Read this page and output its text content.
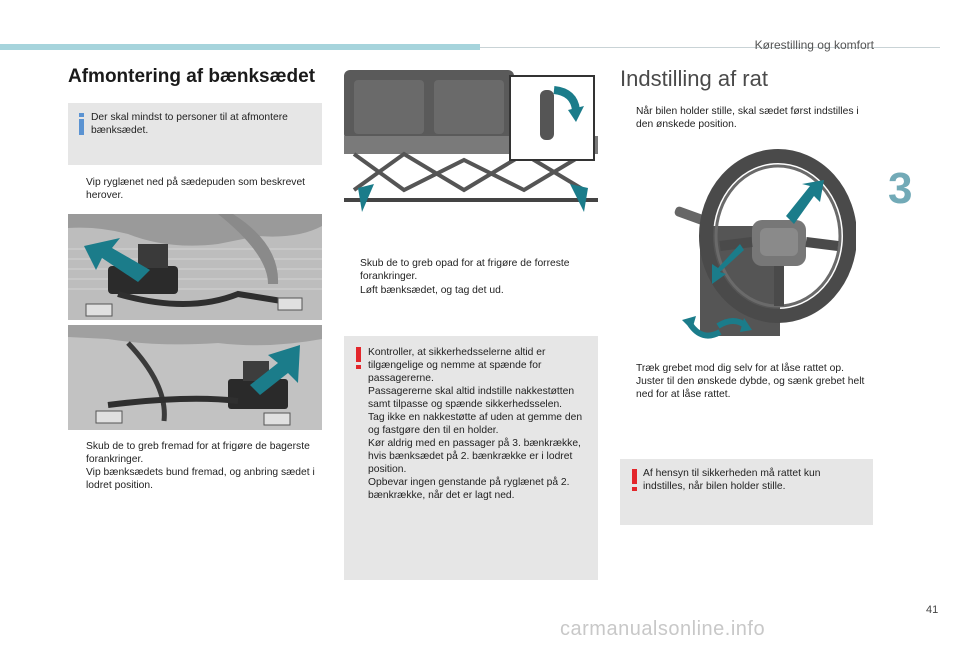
Kørestilling og komfort
3
Afmontering af bænksædet
Der skal mindst to personer til at afmontere bænksædet.
Vip ryglænet ned på sædepuden som beskrevet herover.
Skub de to greb fremad for at frigøre de bagerste forankringer.
Vip bænksædets bund fremad, og anbring sædet i lodret position.
Skub de to greb opad for at frigøre de forreste forankringer.
Løft bænksædet, og tag det ud.
Kontroller, at sikkerhedsselerne altid er
tilgængelige og nemme at spænde for
passagererne.
Passagererne skal altid indstille nakkestøtten
samt tilpasse og spænde sikkerhedsselen.
Tag ikke en nakkestøtte af uden at gemme den
og fastgøre den til en holder.
Kør aldrig med en passager på 3. bænkrække,
hvis bænksædet på 2. bænkrække er i lodret
position.
Opbevar ingen genstande på ryglænet på 2.
bænkrække, når det er lagt ned.
Indstilling af rat
Når bilen holder stille, skal sædet først indstilles i den ønskede position.
Træk grebet mod dig selv for at låse rattet op.
Juster til den ønskede dybde, og sænk grebet helt ned for at låse rattet.
Af hensyn til sikkerheden må rattet kun indstilles, når bilen holder stille.
41
carmanualsonline.info
